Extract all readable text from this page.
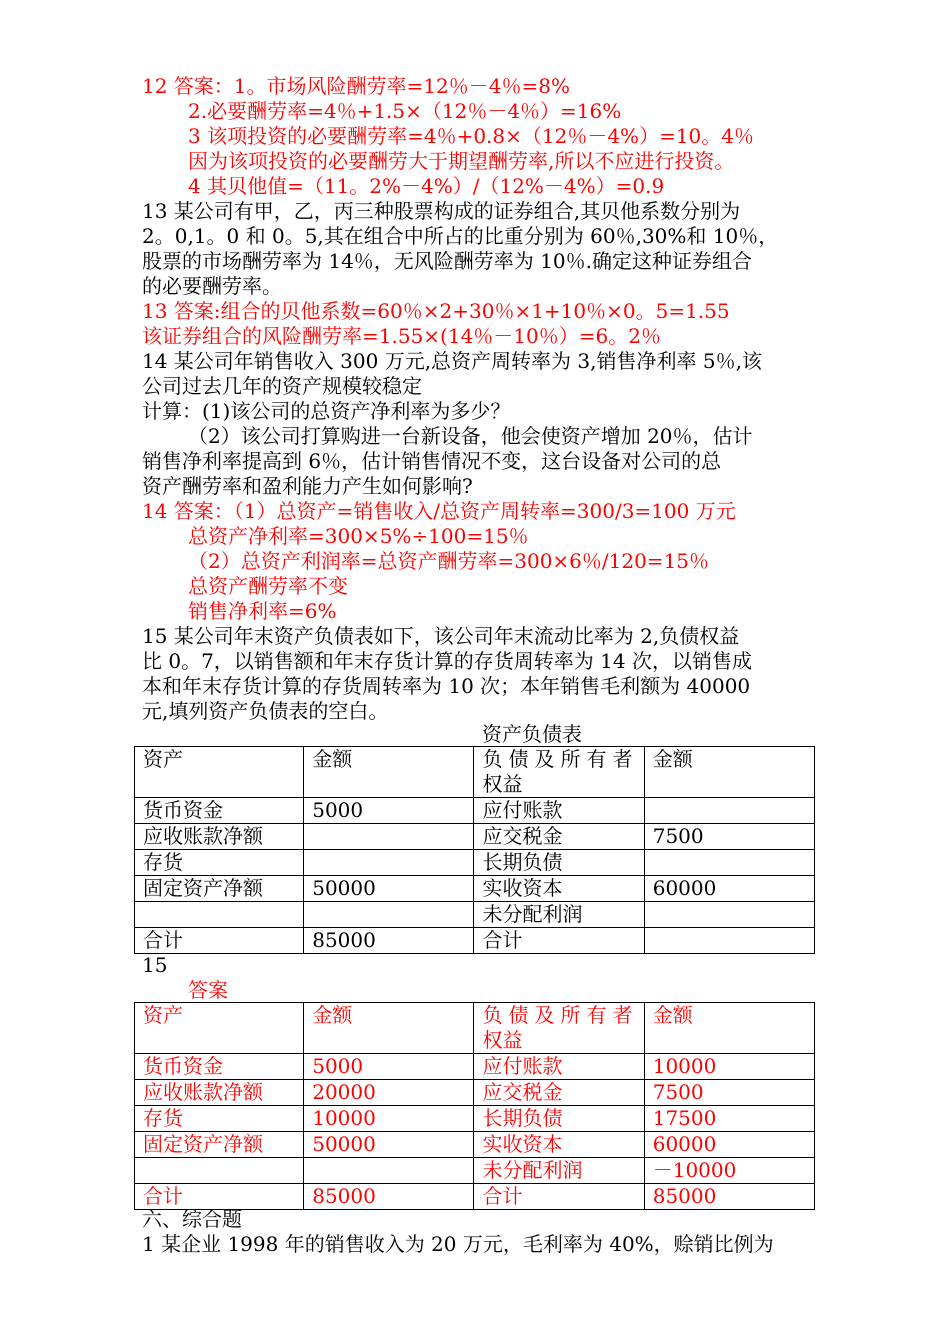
12 答案：1。市场风险酬劳率=12％－4％=8%
2.必要酬劳率=4％+1.5×（12％－4％）=16%
3 该项投资的必要酬劳率=4％+0.8×（12％－4%）=10。4％
因为该项投资的必要酬劳大于期望酬劳率,所以不应进行投资。
4 其贝他值=（11。2%－4%）/（12%－4%）=0.9
13 某公司有甲，乙，丙三种股票构成的证券组合,其贝他系数分别为
2。0,1。0 和 0。5,其在组合中所占的比重分别为 60％,30%和 10％，
股票的市场酬劳率为 14％，无风险酬劳率为 10％.确定这种证券组合
的必要酬劳率。
13 答案:组合的贝他系数=60％×2+30％×1+10％×0。5=1.55
该证券组合的风险酬劳率=1.55×(14％－10％）=6。2％
14 某公司年销售收入 300 万元,总资产周转率为 3,销售净利率 5％,该
公司过去几年的资产规模较稳定
计算：(1)该公司的总资产净利率为多少？
（2）该公司打算购进一台新设备，他会使资产增加 20％，估计
销售净利率提高到 6％，估计销售情况不变，这台设备对公司的总
资产酬劳率和盈利能力产生如何影响?
14 答案：（1）总资产=销售收入/总资产周转率=300/3=100 万元
总资产净利率=300×5%÷100=15％
（2）总资产利润率=总资产酬劳率=300×6％/120=15％
总资产酬劳率不变
销售净利率=6%
15 某公司年末资产负债表如下，该公司年末流动比率为 2,负债权益
比 0。7，以销售额和年末存货计算的存货周转率为 14 次，以销售成
本和年末存货计算的存货周转率为 10 次；本年销售毛利额为 40000
元,填列资产负债表的空白。
资产负债表
资产	金额	负债及所有者
权益	金额
货币资金	5000	应付账款	
应收账款净额		应交税金	7500
存货		长期负债	
固定资产净额	50000	实收资本	60000
		未分配利润	
合计	85000	合计	
15
答案
资产	金额	负债及所有者
权益	金额
货币资金	5000	应付账款	10000
应收账款净额	20000	应交税金	7500
存货	10000	长期负债	17500
固定资产净额	50000	实收资本	60000
		未分配利润	－10000
合计	85000	合计	85000
六、综合题
1 某企业 1998 年的销售收入为 20 万元，毛利率为 40%，赊销比例为
